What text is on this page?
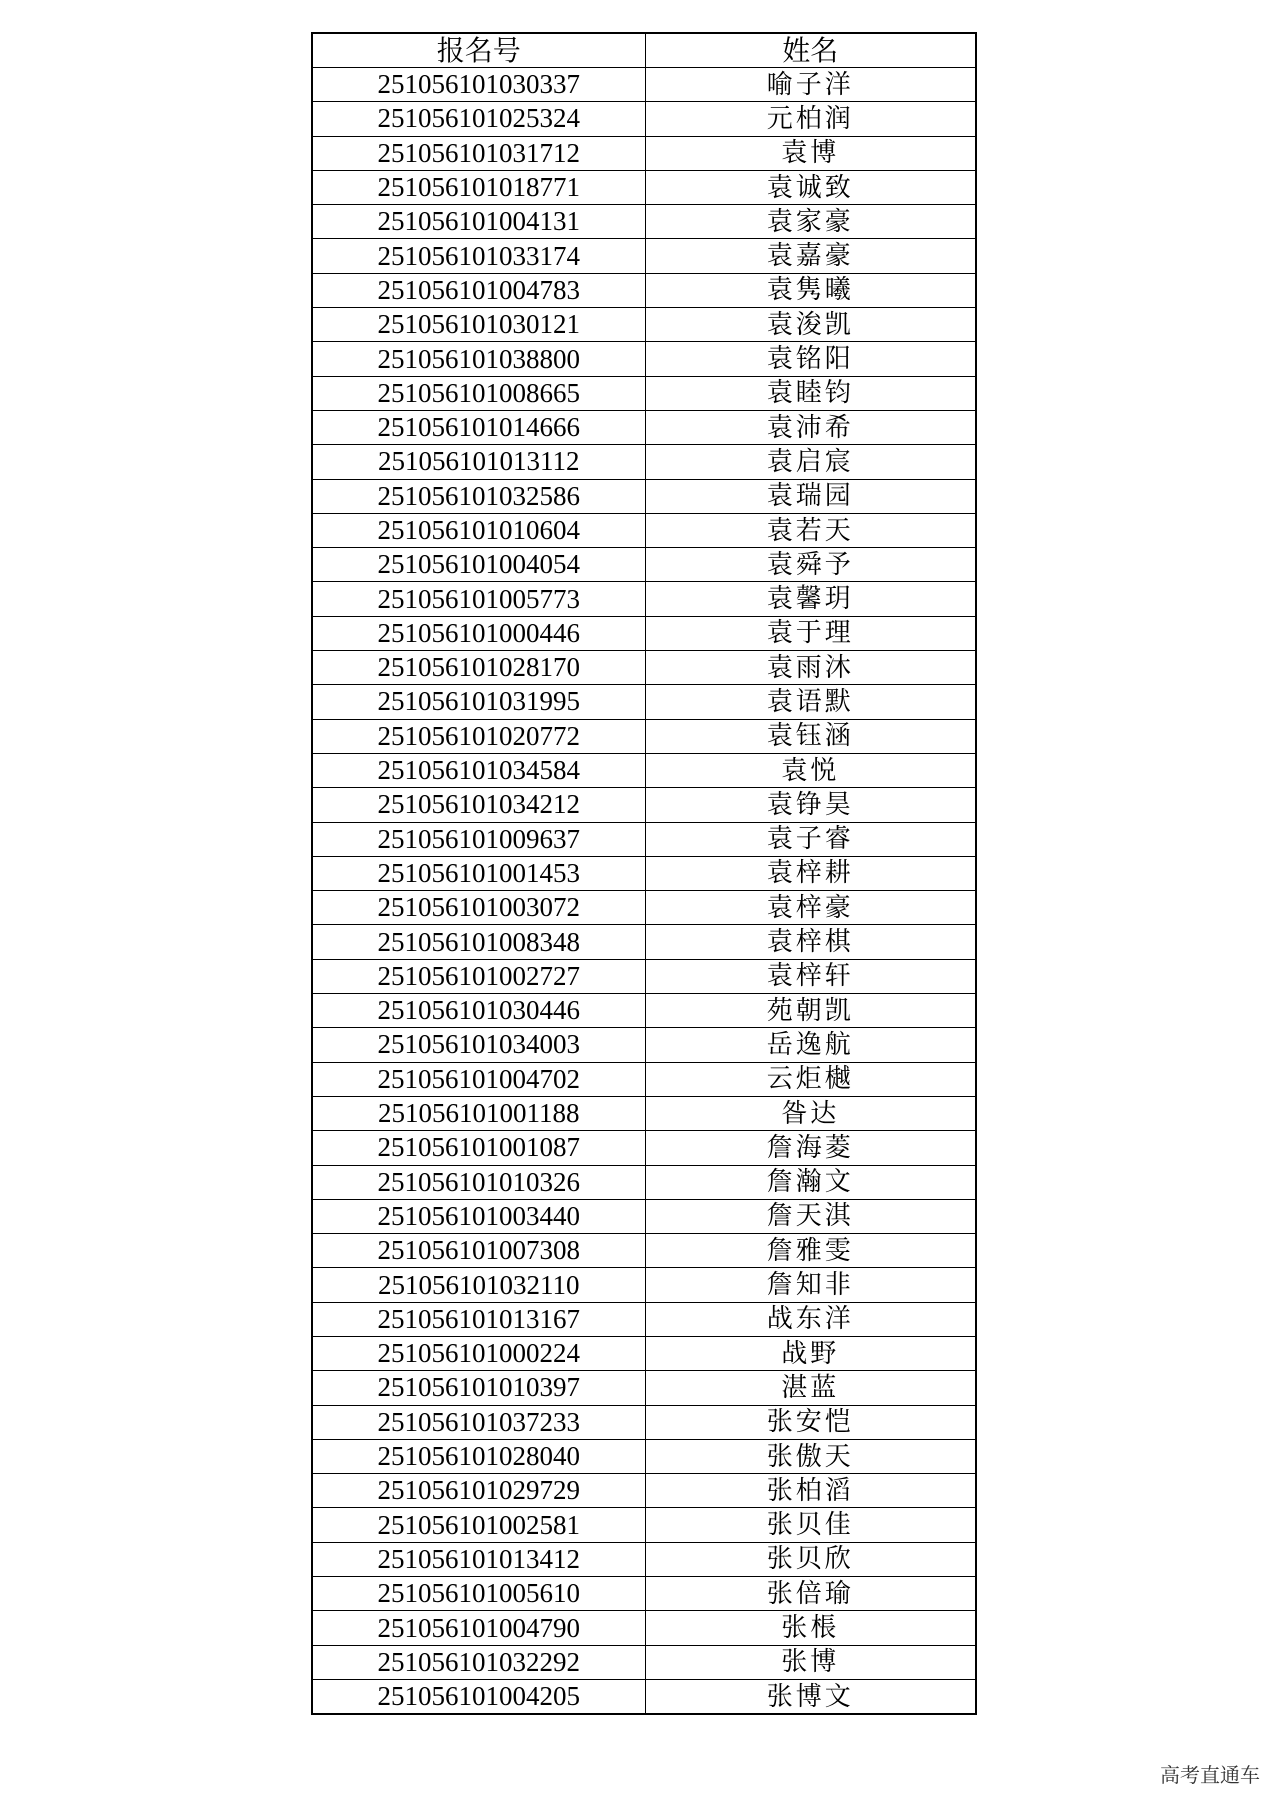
报名号	姓名
251056101030337	喻子洋
251056101025324	元柏润
251056101031712	袁博
251056101018771	袁诚致
251056101004131	袁家豪
251056101033174	袁嘉豪
251056101004783	袁隽曦
251056101030121	袁浚凯
251056101038800	袁铭阳
251056101008665	袁睦钧
251056101014666	袁沛希
251056101013112	袁启宸
251056101032586	袁瑞园
251056101010604	袁若天
251056101004054	袁舜予
251056101005773	袁馨玥
251056101000446	袁于理
251056101028170	袁雨沐
251056101031995	袁语默
251056101020772	袁钰涵
251056101034584	袁悦
251056101034212	袁铮昊
251056101009637	袁子睿
251056101001453	袁梓耕
251056101003072	袁梓豪
251056101008348	袁梓棋
251056101002727	袁梓轩
251056101030446	苑朝凯
251056101034003	岳逸航
251056101004702	云炬樾
251056101001188	昝达
251056101001087	詹海菱
251056101010326	詹瀚文
251056101003440	詹天淇
251056101007308	詹雅雯
251056101032110	詹知非
251056101013167	战东洋
251056101000224	战野
251056101010397	湛蓝
251056101037233	张安恺
251056101028040	张傲天
251056101029729	张柏滔
251056101002581	张贝佳
251056101013412	张贝欣
251056101005610	张倍瑜
251056101004790	张棖
251056101032292	张博
251056101004205	张博文
高考直通车
